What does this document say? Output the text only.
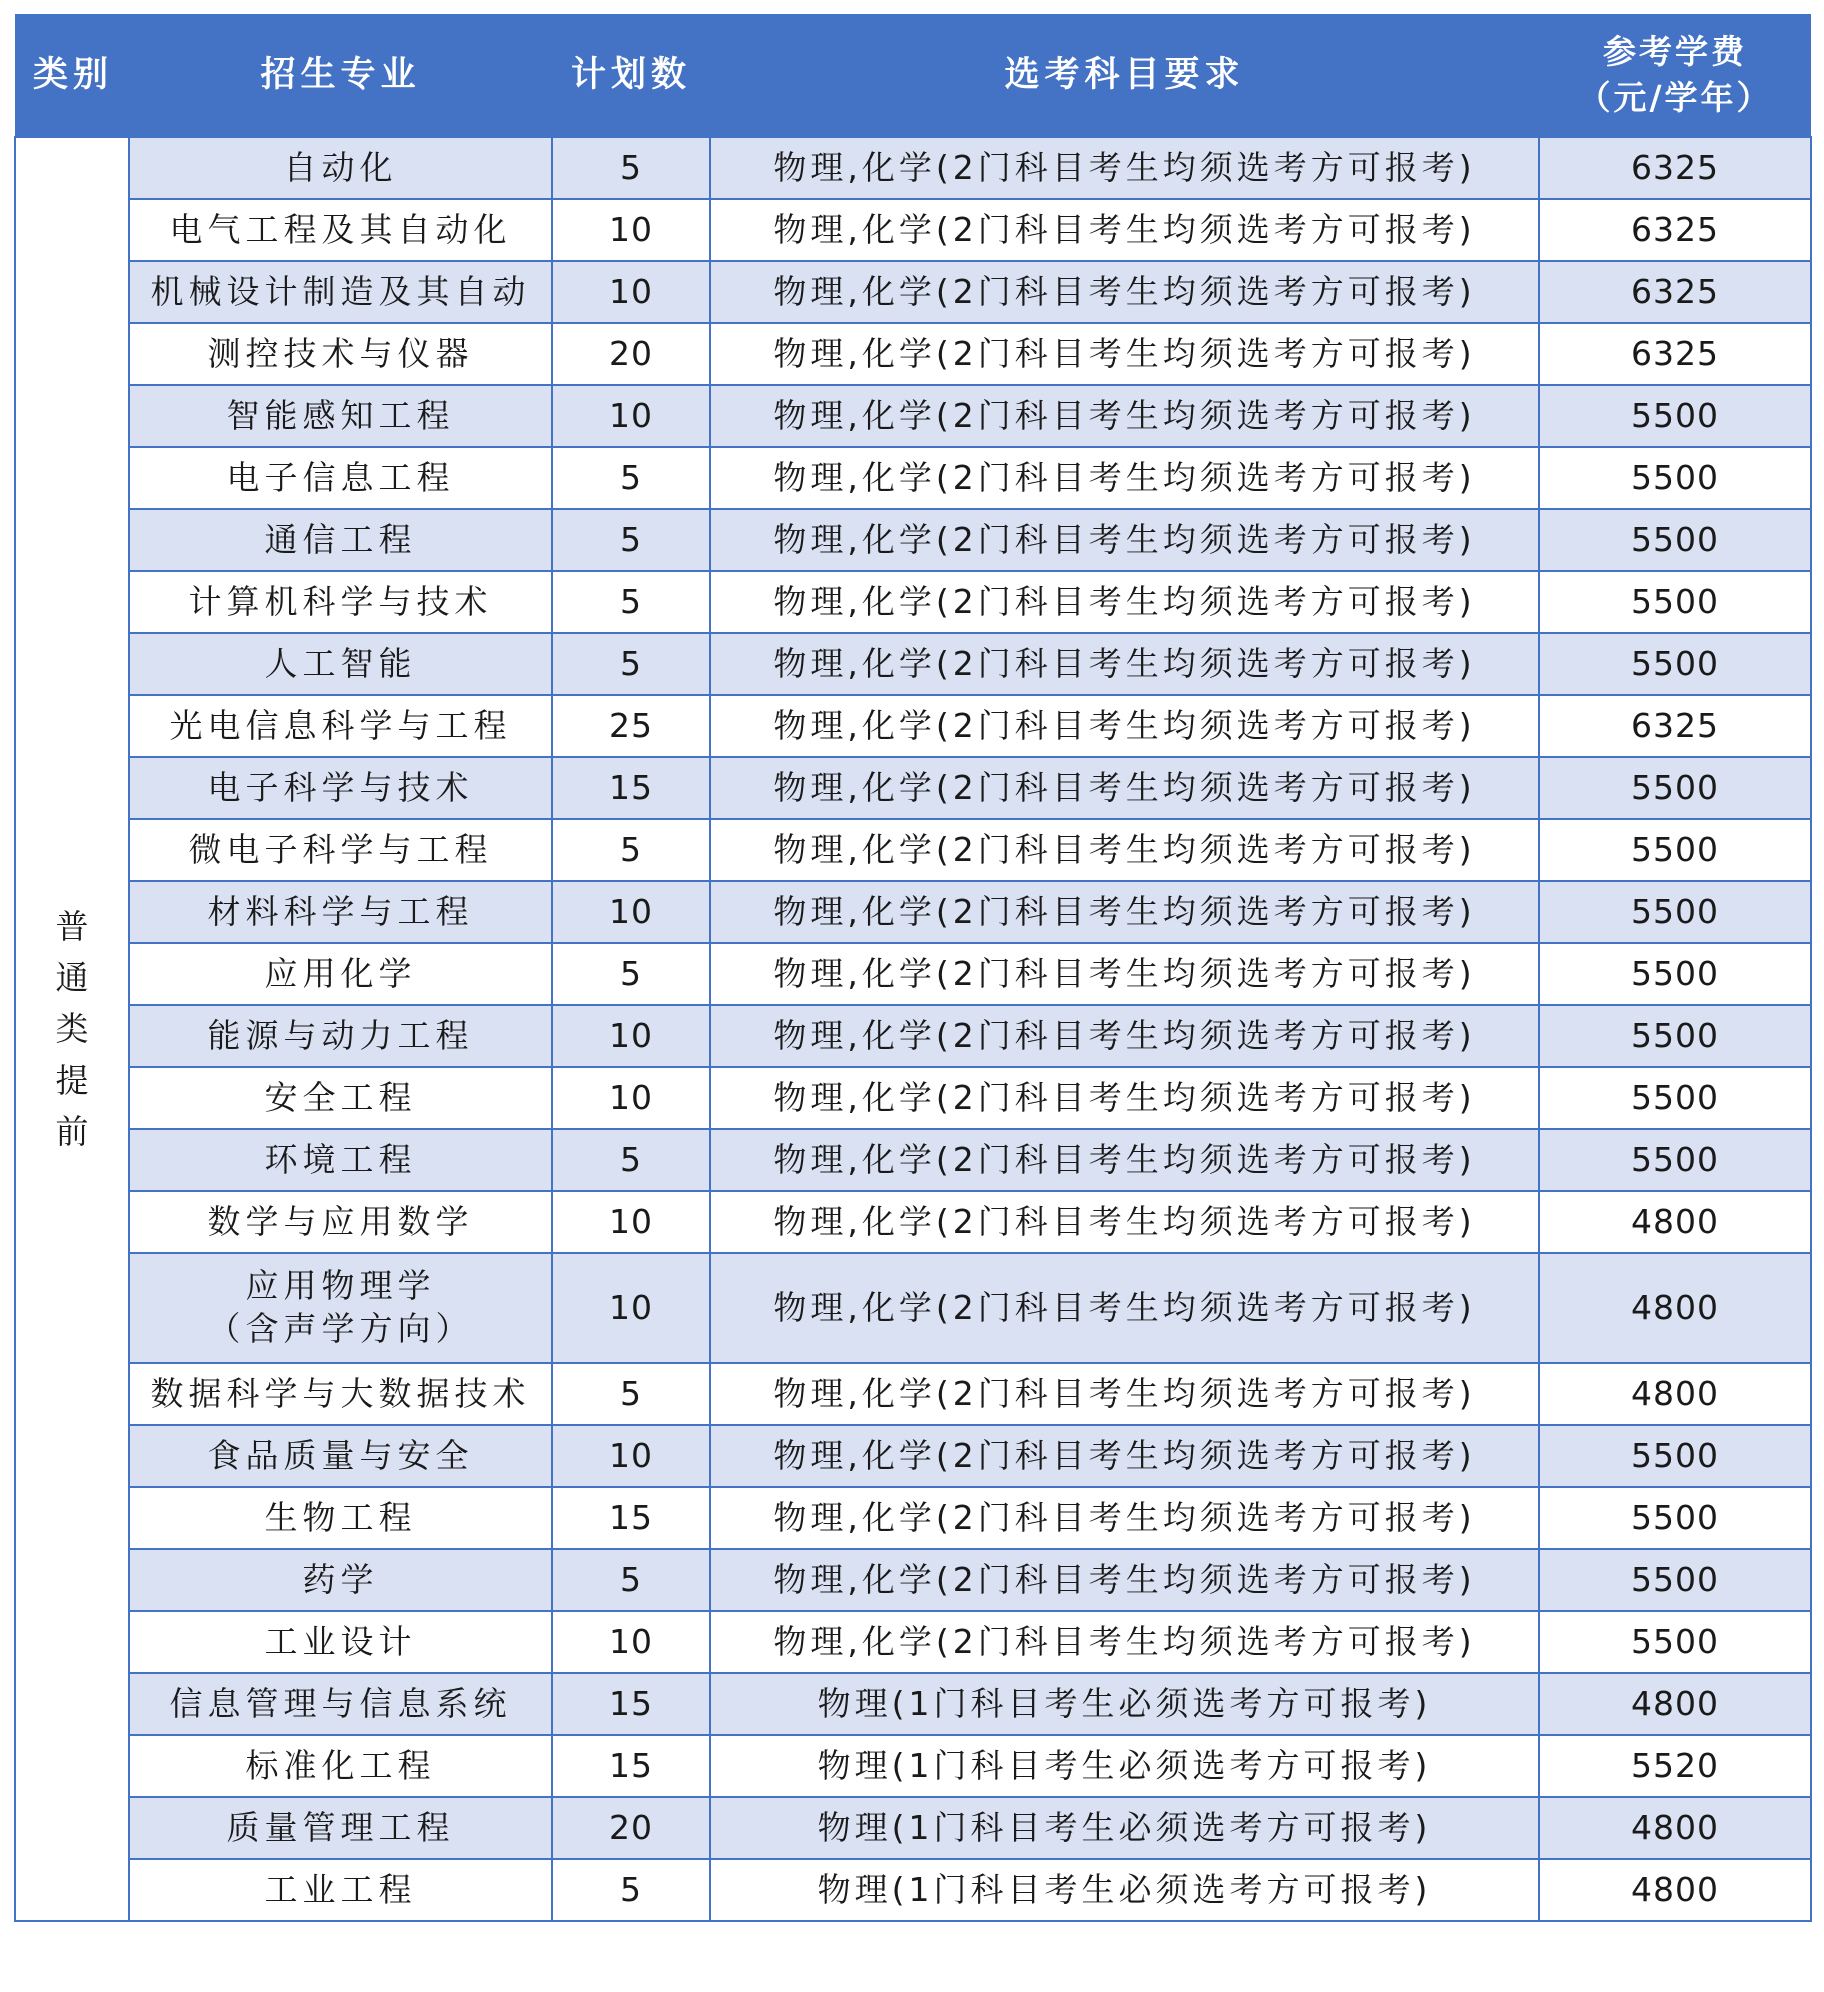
类别	招生专业	计划数	选考科目要求	参考学费
（元/学年）

普通类提前	自动化	5	物理,化学(2门科目考生均须选考方可报考)	6325
	电气工程及其自动化	10	物理,化学(2门科目考生均须选考方可报考)	6325
	机械设计制造及其自动	10	物理,化学(2门科目考生均须选考方可报考)	6325
	测控技术与仪器	20	物理,化学(2门科目考生均须选考方可报考)	6325
	智能感知工程	10	物理,化学(2门科目考生均须选考方可报考)	5500
	电子信息工程	5	物理,化学(2门科目考生均须选考方可报考)	5500
	通信工程	5	物理,化学(2门科目考生均须选考方可报考)	5500
	计算机科学与技术	5	物理,化学(2门科目考生均须选考方可报考)	5500
	人工智能	5	物理,化学(2门科目考生均须选考方可报考)	5500
	光电信息科学与工程	25	物理,化学(2门科目考生均须选考方可报考)	6325
	电子科学与技术	15	物理,化学(2门科目考生均须选考方可报考)	5500
	微电子科学与工程	5	物理,化学(2门科目考生均须选考方可报考)	5500
	材料科学与工程	10	物理,化学(2门科目考生均须选考方可报考)	5500
	应用化学	5	物理,化学(2门科目考生均须选考方可报考)	5500
	能源与动力工程	10	物理,化学(2门科目考生均须选考方可报考)	5500
	安全工程	10	物理,化学(2门科目考生均须选考方可报考)	5500
	环境工程	5	物理,化学(2门科目考生均须选考方可报考)	5500
	数学与应用数学	10	物理,化学(2门科目考生均须选考方可报考)	4800

	应用物理学
（含声学方向）	10	物理,化学(2门科目考生均须选考方可报考)	4800
	数据科学与大数据技术	5	物理,化学(2门科目考生均须选考方可报考)	4800
	食品质量与安全	10	物理,化学(2门科目考生均须选考方可报考)	5500
	生物工程	15	物理,化学(2门科目考生均须选考方可报考)	5500
	药学	5	物理,化学(2门科目考生均须选考方可报考)	5500
	工业设计	10	物理,化学(2门科目考生均须选考方可报考)	5500
	信息管理与信息系统	15	物理(1门科目考生必须选考方可报考)	4800
	标准化工程	15	物理(1门科目考生必须选考方可报考)	5520
	质量管理工程	20	物理(1门科目考生必须选考方可报考)	4800
	工业工程	5	物理(1门科目考生必须选考方可报考)	4800
